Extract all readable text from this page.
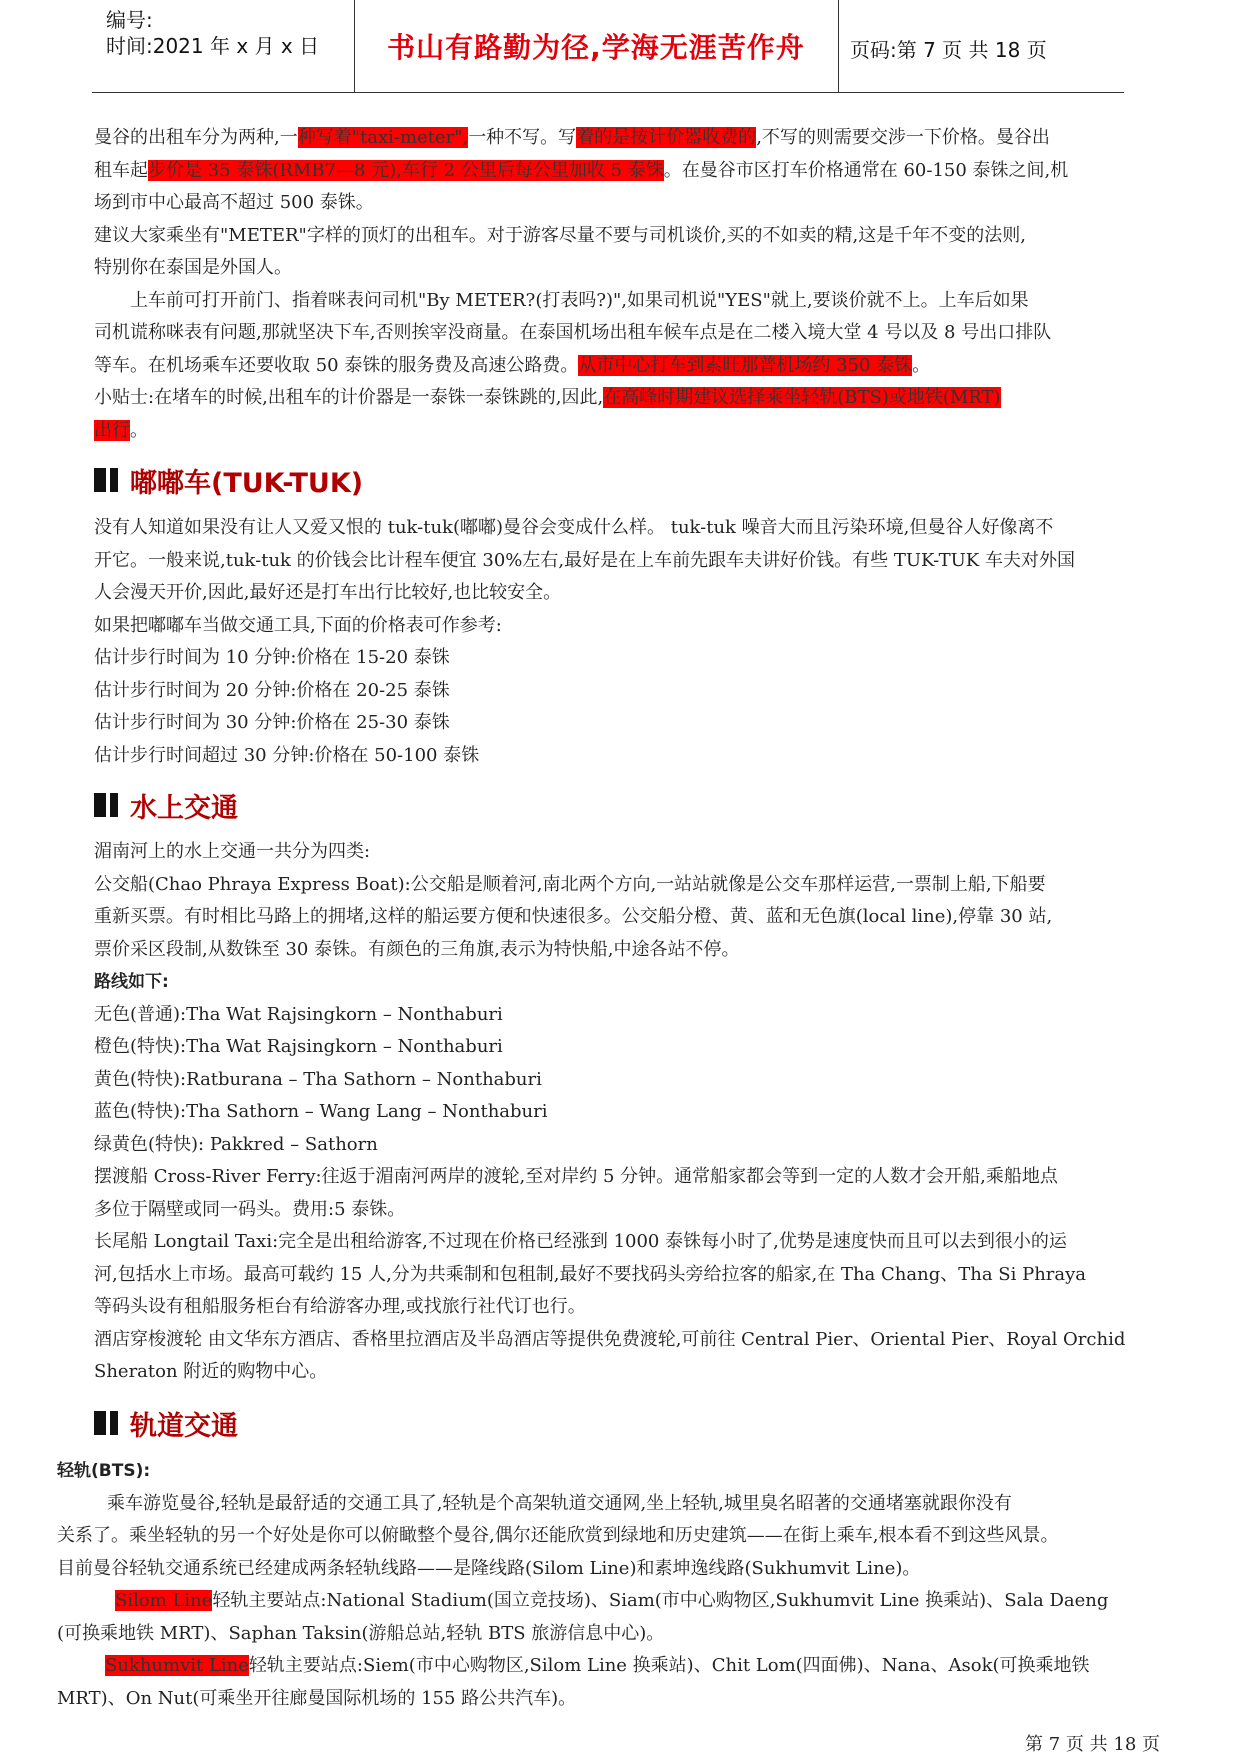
编号:
时间:2021 年 x 月 x 日	书山有路勤为径,学海无涯苦作舟	页码:第 7 页 共 18 页
曼谷的出租车分为两种,一种写着"taxi-meter",一种不写。写着的是按计价器收费的,不写的则需要交涉一下价格。曼谷出
租车起步价是 35 泰铢(RMB7—8 元),车行 2 公里后每公里加收 5 泰铢。在曼谷市区打车价格通常在 60-150 泰铢之间,机
场到市中心最高不超过 500 泰铢。
建议大家乘坐有"METER"字样的顶灯的出租车。对于游客尽量不要与司机谈价,买的不如卖的精,这是千年不变的法则,
特别你在泰国是外国人。
上车前可打开前门、指着咪表问司机"By METER?(打表吗?)",如果司机说"YES"就上,要谈价就不上。上车后如果
司机谎称咪表有问题,那就坚决下车,否则挨宰没商量。在泰国机场出租车候车点是在二楼入境大堂 4 号以及 8 号出口排队
等车。在机场乘车还要收取 50 泰铢的服务费及高速公路费。从市中心打车到素旺那普机场约 350 泰铢。
小贴士:在堵车的时候,出租车的计价器是一泰铢一泰铢跳的,因此,在高峰时期建议选择乘坐轻轨(BTS)或地铁(MRT)
出行。
嘟嘟车(TUK-TUK)
没有人知道如果没有让人又爱又恨的 tuk-tuk(嘟嘟)曼谷会变成什么样。 tuk-tuk 噪音大而且污染环境,但曼谷人好像离不
开它。一般来说,tuk-tuk 的价钱会比计程车便宜 30%左右,最好是在上车前先跟车夫讲好价钱。有些 TUK-TUK 车夫对外国
人会漫天开价,因此,最好还是打车出行比较好,也比较安全。
如果把嘟嘟车当做交通工具,下面的价格表可作参考:
估计步行时间为 10 分钟:价格在 15-20 泰铢
估计步行时间为 20 分钟:价格在 20-25 泰铢
估计步行时间为 30 分钟:价格在 25-30 泰铢
估计步行时间超过 30 分钟:价格在 50-100 泰铢
水上交通
湄南河上的水上交通一共分为四类:
公交船(Chao Phraya Express Boat):公交船是顺着河,南北两个方向,一站站就像是公交车那样运营,一票制上船,下船要
重新买票。有时相比马路上的拥堵,这样的船运要方便和快速很多。公交船分橙、黄、蓝和无色旗(local line),停靠 30 站,
票价采区段制,从数铢至 30 泰铢。有颜色的三角旗,表示为特快船,中途各站不停。
路线如下:
无色(普通):Tha Wat Rajsingkorn – Nonthaburi
橙色(特快):Tha Wat Rajsingkorn – Nonthaburi
黄色(特快):Ratburana – Tha Sathorn – Nonthaburi
蓝色(特快):Tha Sathorn – Wang Lang – Nonthaburi
绿黄色(特快): Pakkred – Sathorn
摆渡船 Cross-River Ferry:往返于湄南河两岸的渡轮,至对岸约 5 分钟。通常船家都会等到一定的人数才会开船,乘船地点
多位于隔壁或同一码头。费用:5 泰铢。
长尾船 Longtail Taxi:完全是出租给游客,不过现在价格已经涨到 1000 泰铢每小时了,优势是速度快而且可以去到很小的运
河,包括水上市场。最高可载约 15 人,分为共乘制和包租制,最好不要找码头旁给拉客的船家,在 Tha Chang、Tha Si Phraya
等码头设有租船服务柜台有给游客办理,或找旅行社代订也行。
酒店穿梭渡轮 由文华东方酒店、香格里拉酒店及半岛酒店等提供免费渡轮,可前往 Central Pier、Oriental Pier、Royal Orchid
Sheraton 附近的购物中心。
轨道交通
轻轨(BTS):
乘车游览曼谷,轻轨是最舒适的交通工具了,轻轨是个高架轨道交通网,坐上轻轨,城里臭名昭著的交通堵塞就跟你没有
关系了。乘坐轻轨的另一个好处是你可以俯瞰整个曼谷,偶尔还能欣赏到绿地和历史建筑——在街上乘车,根本看不到这些风景。
目前曼谷轻轨交通系统已经建成两条轻轨线路——是隆线路(Silom Line)和素坤逸线路(Sukhumvit Line)。
Silom Line轻轨主要站点:National Stadium(国立竞技场)、Siam(市中心购物区,Sukhumvit Line 换乘站)、Sala Daeng
(可换乘地铁 MRT)、Saphan Taksin(游船总站,轻轨 BTS 旅游信息中心)。
Sukhumvit Line轻轨主要站点:Siem(市中心购物区,Silom Line 换乘站)、Chit Lom(四面佛)、Nana、Asok(可换乘地铁
MRT)、On Nut(可乘坐开往廊曼国际机场的 155 路公共汽车)。
第 7 页 共 18 页
